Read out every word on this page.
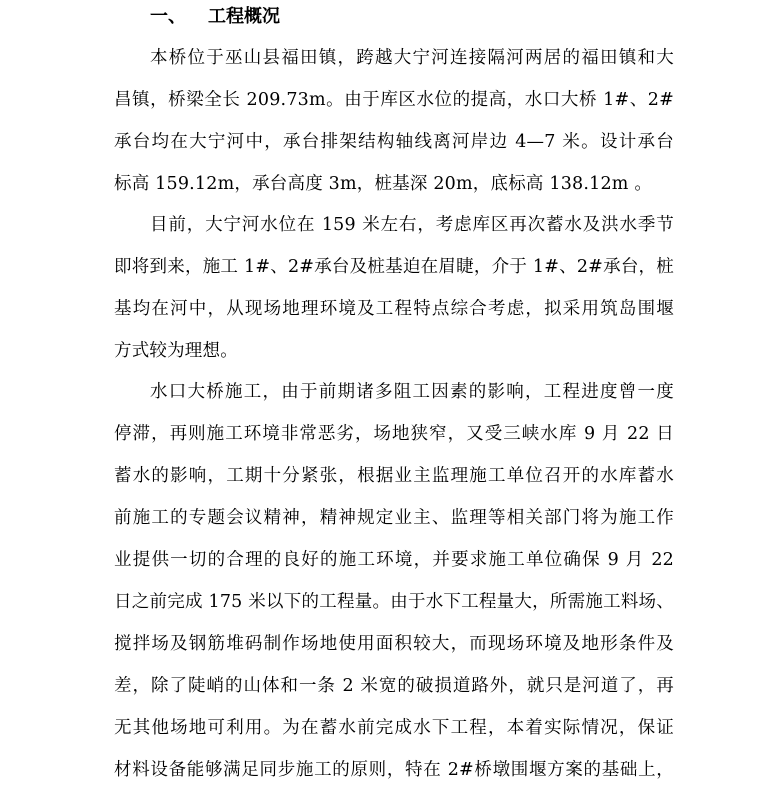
一、 工程概况
本桥位于巫山县福田镇，跨越大宁河连接隔河两居的福田镇和大
昌镇，桥梁全长 209.73m。由于库区水位的提高，水口大桥 1#、2#
承台均在大宁河中，承台排架结构轴线离河岸边 4—7 米。设计承台
标高 159.12m，承台高度 3m，桩基深 20m，底标高 138.12m 。
目前，大宁河水位在 159 米左右，考虑库区再次蓄水及洪水季节
即将到来，施工 1#、2#承台及桩基迫在眉睫，介于 1#、2#承台，桩
基均在河中，从现场地理环境及工程特点综合考虑，拟采用筑岛围堰
方式较为理想。
水口大桥施工，由于前期诸多阻工因素的影响，工程进度曾一度
停滞，再则施工环境非常恶劣，场地狭窄，又受三峡水库 9 月 22 日
蓄水的影响，工期十分紧张，根据业主监理施工单位召开的水库蓄水
前施工的专题会议精神，精神规定业主、监理等相关部门将为施工作
业提供一切的合理的良好的施工环境，并要求施工单位确保 9 月 22
日之前完成 175 米以下的工程量。由于水下工程量大，所需施工料场、
搅拌场及钢筋堆码制作场地使用面积较大，而现场环境及地形条件及
差，除了陡峭的山体和一条 2 米宽的破损道路外，就只是河道了，再
无其他场地可利用。为在蓄水前完成水下工程，本着实际情况，保证
材料设备能够满足同步施工的原则，特在 2#桥墩围堰方案的基础上，
